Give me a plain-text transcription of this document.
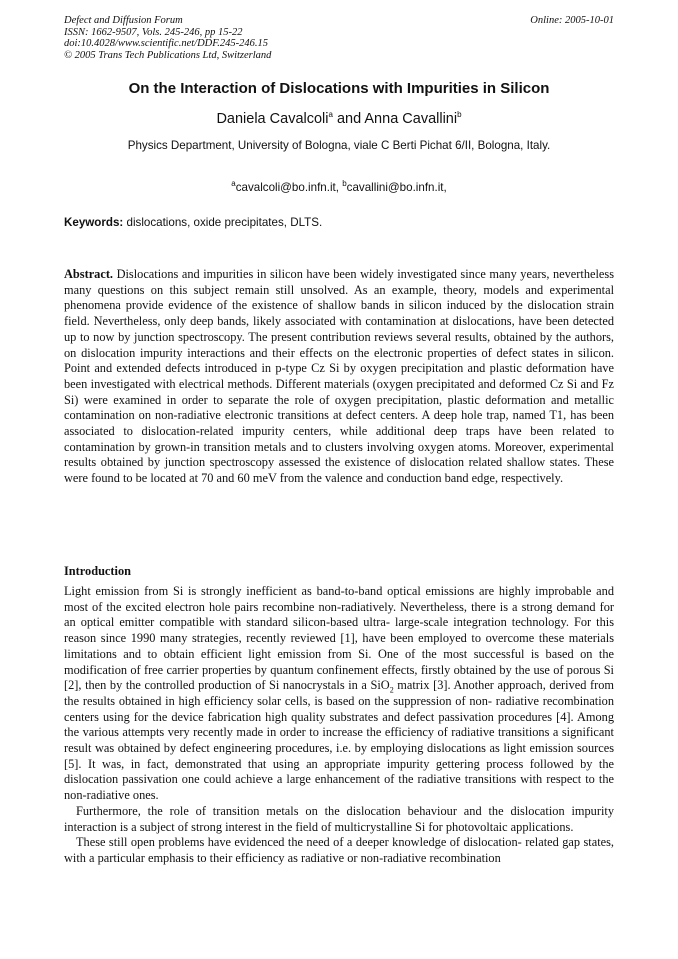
Defect and Diffusion Forum
ISSN: 1662-9507, Vols. 245-246, pp 15-22
doi:10.4028/www.scientific.net/DDF.245-246.15
© 2005 Trans Tech Publications Ltd, Switzerland
Online: 2005-10-01
On the Interaction of Dislocations with Impurities in Silicon
Daniela Cavalcoli$^a$ and Anna Cavallini$^b$
Physics Department, University of Bologna, viale C Berti Pichat 6/II, Bologna, Italy.
$^a$cavalcoli@bo.infn.it, $^b$cavallini@bo.infn.it,
Keywords: dislocations, oxide precipitates, DLTS.

Abstract. Dislocations and impurities in silicon have been widely investigated since many years, nevertheless many questions on this subject remain still unsolved. As an example, theory, models and experimental phenomena provide evidence of the existence of shallow bands in silicon induced by the dislocation strain field. Nevertheless, only deep bands, likely associated with contamination at dislocations, have been detected up to now by junction spectroscopy. The present contribution reviews several results, obtained by the authors, on dislocation impurity interactions and their effects on the electronic properties of defect states in silicon. Point and extended defects introduced in p-type Cz Si by oxygen precipitation and plastic deformation have been investigated with electrical methods. Different materials (oxygen precipitated and deformed Cz Si and Fz Si) were examined in order to separate the role of oxygen precipitation, plastic deformation and metallic contamination on non-radiative electronic transitions at defect centers. A deep hole trap, named T1, has been associated to dislocation-related impurity centers, while additional deep traps have been related to contamination by grown-in transition metals and to clusters involving oxygen atoms. Moreover, experimental results obtained by junction spectroscopy assessed the existence of dislocation related shallow states. These were found to be located at 70 and 60 meV from the valence and conduction band edge, respectively.

Introduction

Light emission from Si is strongly inefficient as band-to-band optical emissions are highly improbable and most of the excited electron hole pairs recombine non-radiatively. Nevertheless, there is a strong demand for an optical emitter compatible with standard silicon-based ultra- large-scale integration technology. For this reason since 1990 many strategies, recently reviewed [1], have been employed to overcome these materials limitations and to obtain efficient light emission from Si. One of the most successful is based on the modification of free carrier properties by quantum confinement effects, firstly obtained by the use of porous Si [2], then by the controlled production of Si nanocrystals in a SiO$_2$ matrix [3]. Another approach, derived from the results obtained in high efficiency solar cells, is based on the suppression of non- radiative recombination centers using for the device fabrication high quality substrates and defect passivation procedures [4]. Among the various attempts very recently made in order to increase the efficiency of radiative transitions a significant result was obtained by defect engineering procedures, i.e. by employing dislocations as light emission sources [5]. It was, in fact, demonstrated that using an appropriate impurity gettering process followed by the dislocation passivation one could achieve a large enhancement of the radiative transitions with respect to the non-radiative ones.

Furthermore, the role of transition metals on the dislocation behaviour and the dislocation impurity interaction is a subject of strong interest in the field of multicrystalline Si for photovoltaic applications.

These still open problems have evidenced the need of a deeper knowledge of dislocation- related gap states, with a particular emphasis to their efficiency as radiative or non-radiative recombination
